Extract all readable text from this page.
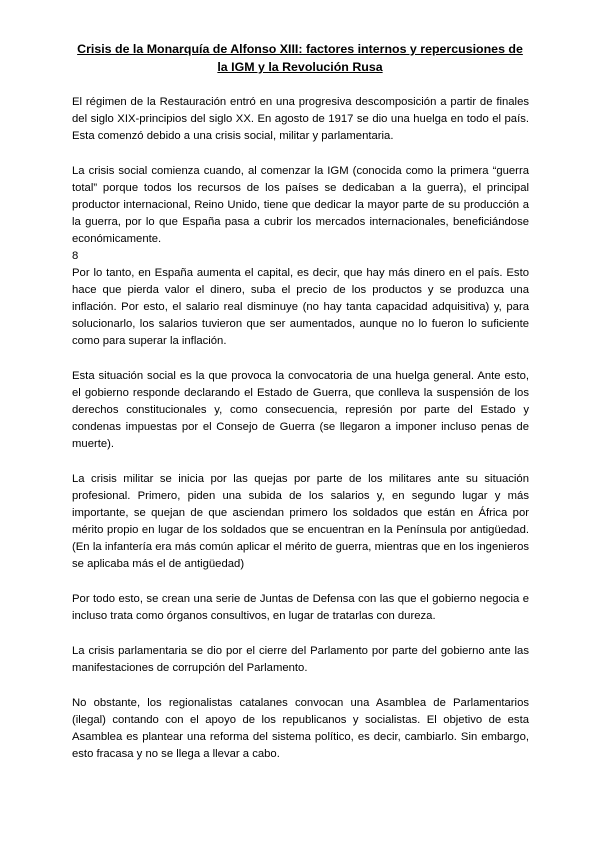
Crisis de la Monarquía de Alfonso XIII: factores internos y repercusiones de la IGM y la Revolución Rusa

El régimen de la Restauración entró en una progresiva descomposición a partir de finales del siglo XIX-principios del siglo XX. En agosto de 1917 se dio una huelga en todo el país. Esta comenzó debido a una crisis social, militar y parlamentaria.

La crisis social comienza cuando, al comenzar la IGM (conocida como la primera “guerra total” porque todos los recursos de los países se dedicaban a la guerra), el principal productor internacional, Reino Unido, tiene que dedicar la mayor parte de su producción a la guerra, por lo que España pasa a cubrir los mercados internacionales, beneficiándose económicamente.

8

Por lo tanto, en España aumenta el capital, es decir, que hay más dinero en el país. Esto hace que pierda valor el dinero, suba el precio de los productos y se produzca una inflación. Por esto, el salario real disminuye (no hay tanta capacidad adquisitiva) y, para solucionarlo, los salarios tuvieron que ser aumentados, aunque no lo fueron lo suficiente como para superar la inflación.

Esta situación social es la que provoca la convocatoria de una huelga general. Ante esto, el gobierno responde declarando el Estado de Guerra, que conlleva la suspensión de los derechos constitucionales y, como consecuencia, represión por parte del Estado y condenas impuestas por el Consejo de Guerra (se llegaron a imponer incluso penas de muerte).

La crisis militar se inicia por las quejas por parte de los militares ante su situación profesional. Primero, piden una subida de los salarios y, en segundo lugar y más importante, se quejan de que asciendan primero los soldados que están en África por mérito propio en lugar de los soldados que se encuentran en la Península por antigüedad. (En la infantería era más común aplicar el mérito de guerra, mientras que en los ingenieros se aplicaba más el de antigüedad)

Por todo esto, se crean una serie de Juntas de Defensa con las que el gobierno negocia e incluso trata como órganos consultivos, en lugar de tratarlas con dureza.

La crisis parlamentaria se dio por el cierre del Parlamento por parte del gobierno ante las manifestaciones de corrupción del Parlamento.

No obstante, los regionalistas catalanes convocan una Asamblea de Parlamentarios (ilegal) contando con el apoyo de los republicanos y socialistas. El objetivo de esta Asamblea es plantear una reforma del sistema político, es decir, cambiarlo. Sin embargo, esto fracasa y no se llega a llevar a cabo.
